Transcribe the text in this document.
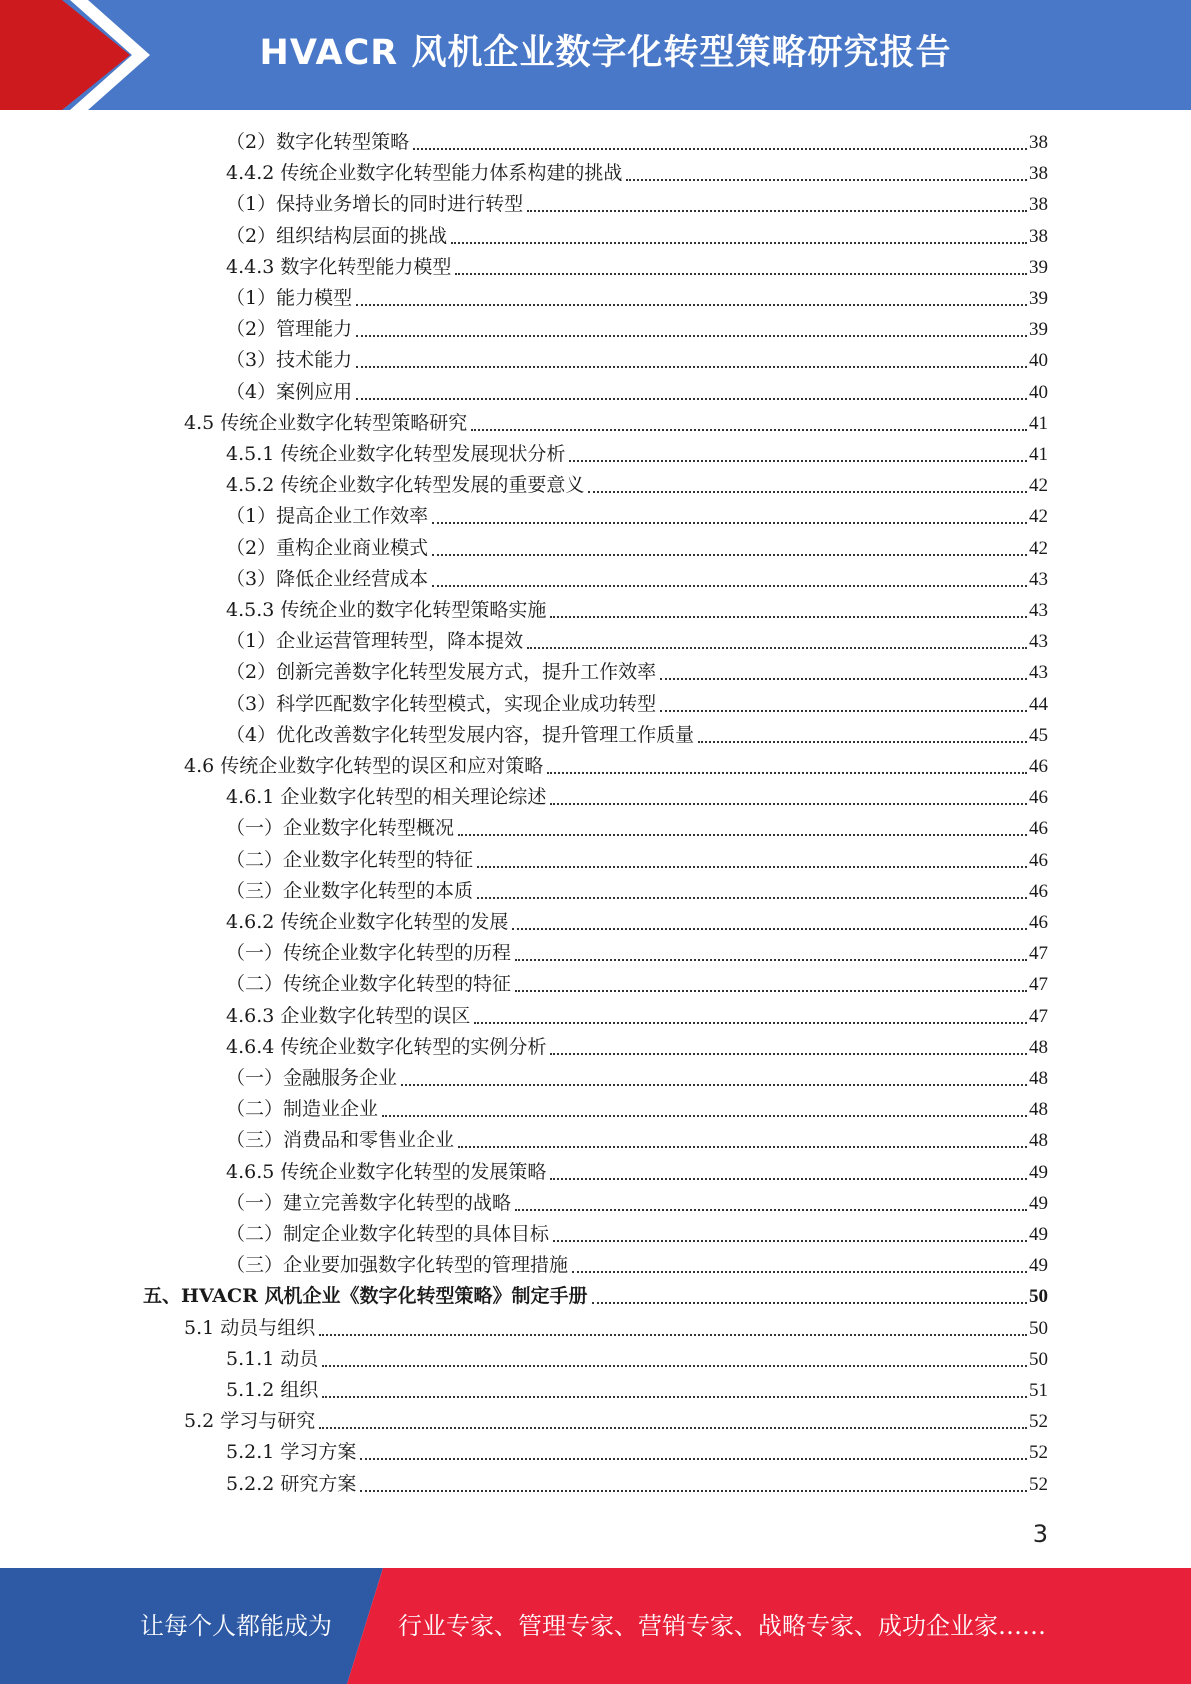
HVACR 风机企业数字化转型策略研究报告
（2）数字化转型策略	38
4.4.2 传统企业数字化转型能力体系构建的挑战	38
（1）保持业务增长的同时进行转型	38
（2）组织结构层面的挑战	38
4.4.3 数字化转型能力模型	39
（1）能力模型	39
（2）管理能力	39
（3）技术能力	40
（4）案例应用	40
4.5 传统企业数字化转型策略研究	41
4.5.1 传统企业数字化转型发展现状分析	41
4.5.2 传统企业数字化转型发展的重要意义	42
（1）提高企业工作效率	42
（2）重构企业商业模式	42
（3）降低企业经营成本	43
4.5.3 传统企业的数字化转型策略实施	43
（1）企业运营管理转型，降本提效	43
（2）创新完善数字化转型发展方式，提升工作效率	43
（3）科学匹配数字化转型模式，实现企业成功转型	44
（4）优化改善数字化转型发展内容，提升管理工作质量	45
4.6 传统企业数字化转型的误区和应对策略	46
4.6.1 企业数字化转型的相关理论综述	46
（一）企业数字化转型概况	46
（二）企业数字化转型的特征	46
（三）企业数字化转型的本质	46
4.6.2 传统企业数字化转型的发展	46
（一）传统企业数字化转型的历程	47
（二）传统企业数字化转型的特征	47
4.6.3 企业数字化转型的误区	47
4.6.4 传统企业数字化转型的实例分析	48
（一）金融服务企业	48
（二）制造业企业	48
（三）消费品和零售业企业	48
4.6.5 传统企业数字化转型的发展策略	49
（一）建立完善数字化转型的战略	49
（二）制定企业数字化转型的具体目标	49
（三）企业要加强数字化转型的管理措施	49
五、HVACR 风机企业《数字化转型策略》制定手册	50
5.1 动员与组织	50
5.1.1 动员	50
5.1.2 组织	51
5.2 学习与研究	52
5.2.1 学习方案	52
5.2.2 研究方案	52
3
让每个人都能成为	行业专家、管理专家、营销专家、战略专家、成功企业家……
